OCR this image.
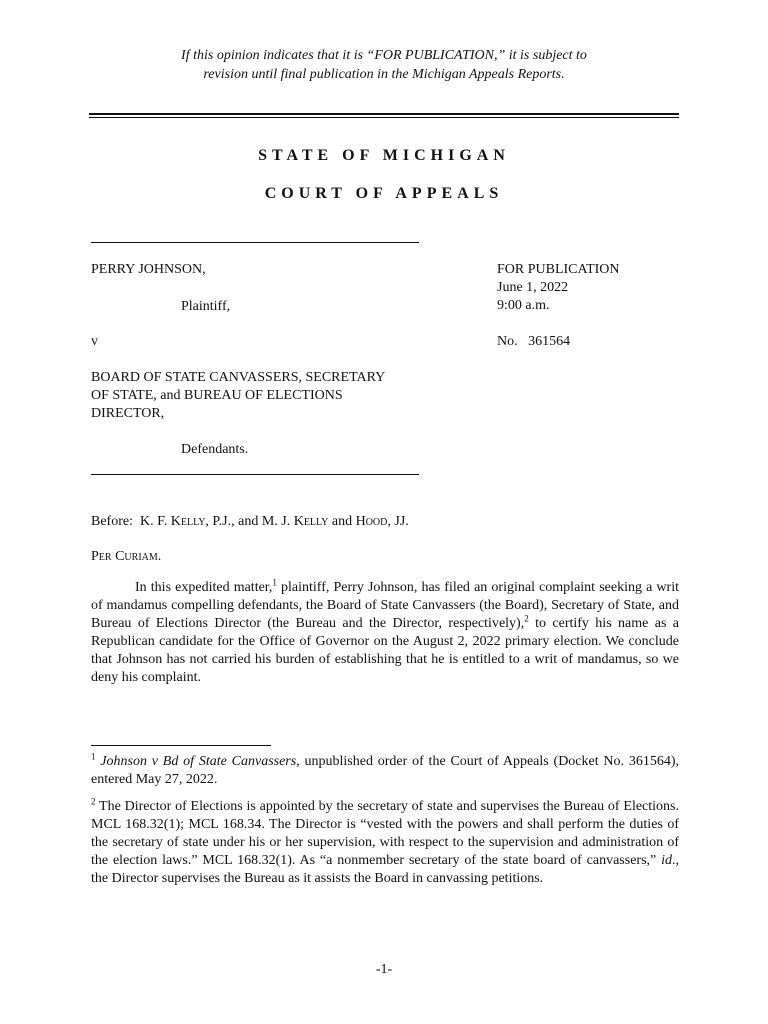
If this opinion indicates that it is “FOR PUBLICATION,” it is subject to
revision until final publication in the Michigan Appeals Reports.
STATE OF MICHIGAN
COURT OF APPEALS
PERRY JOHNSON,
Plaintiff,
v
BOARD OF STATE CANVASSERS, SECRETARY
OF STATE, and BUREAU OF ELECTIONS
DIRECTOR,
Defendants.
FOR PUBLICATION
June 1, 2022
9:00 a.m.
No.   361564
Before:  K. F. Kelly, P.J., and M. J. Kelly and Hood, JJ.
Per Curiam.
In this expedited matter,$^1$ plaintiff, Perry Johnson, has filed an original complaint seeking a writ of mandamus compelling defendants, the Board of State Canvassers (the Board), Secretary of State, and Bureau of Elections Director (the Bureau and the Director, respectively),$^2$ to certify his name as a Republican candidate for the Office of Governor on the August 2, 2022 primary election. We conclude that Johnson has not carried his burden of establishing that he is entitled to a writ of mandamus, so we deny his complaint.
$^1$ Johnson v Bd of State Canvassers, unpublished order of the Court of Appeals (Docket No. 361564), entered May 27, 2022.
$^2$ The Director of Elections is appointed by the secretary of state and supervises the Bureau of Elections. MCL 168.32(1); MCL 168.34. The Director is “vested with the powers and shall perform the duties of the secretary of state under his or her supervision, with respect to the supervision and administration of the election laws.” MCL 168.32(1). As “a nonmember secretary of the state board of canvassers,” id., the Director supervises the Bureau as it assists the Board in canvassing petitions.
-1-
